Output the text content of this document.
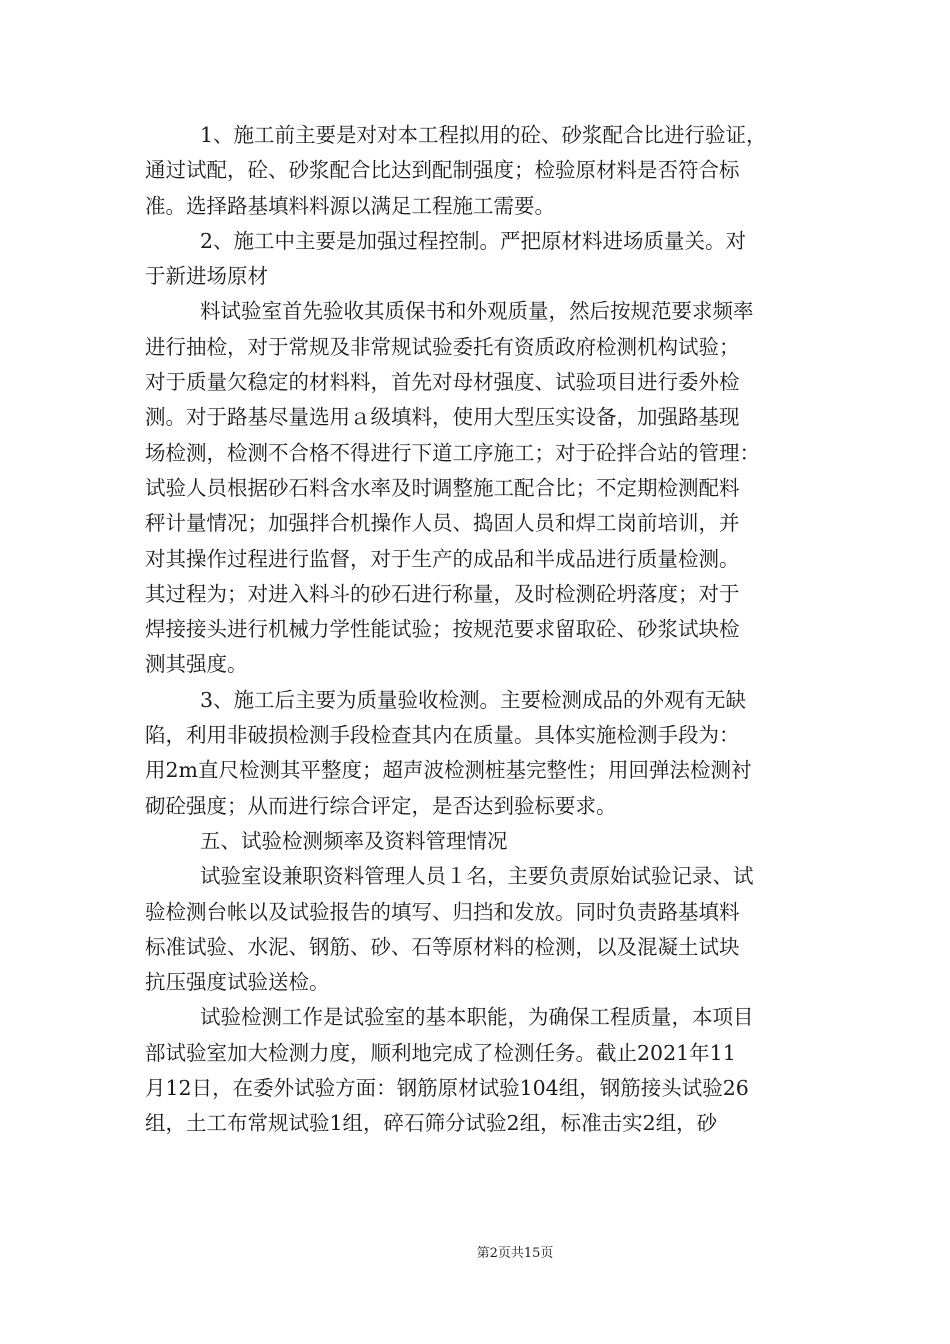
1、施工前主要是对对本工程拟用的砼、砂浆配合比进行验证，
通过试配，砼、砂浆配合比达到配制强度；检验原材料是否符合标
准。选择路基填料料源以满足工程施工需要。
2、施工中主要是加强过程控制。严把原材料进场质量关。对
于新进场原材
料试验室首先验收其质保书和外观质量，然后按规范要求频率
进行抽检，对于常规及非常规试验委托有资质政府检测机构试验；
对于质量欠稳定的材料料，首先对母材强度、试验项目进行委外检
测。对于路基尽量选用ａ级填料，使用大型压实设备，加强路基现
场检测，检测不合格不得进行下道工序施工；对于砼拌合站的管理：
试验人员根据砂石料含水率及时调整施工配合比；不定期检测配料
秤计量情况；加强拌合机操作人员、捣固人员和焊工岗前培训，并
对其操作过程进行监督，对于生产的成品和半成品进行质量检测。
其过程为；对进入料斗的砂石进行称量，及时检测砼坍落度；对于
焊接接头进行机械力学性能试验；按规范要求留取砼、砂浆试块检
测其强度。
3、施工后主要为质量验收检测。主要检测成品的外观有无缺
陷，利用非破损检测手段检查其内在质量。具体实施检测手段为：
用2m直尺检测其平整度；超声波检测桩基完整性；用回弹法检测衬
砌砼强度；从而进行综合评定，是否达到验标要求。
五、试验检测频率及资料管理情况
试验室设兼职资料管理人员１名，主要负责原始试验记录、试
验检测台帐以及试验报告的填写、归挡和发放。同时负责路基填料
标准试验、水泥、钢筋、砂、石等原材料的检测，以及混凝土试块
抗压强度试验送检。
试验检测工作是试验室的基本职能，为确保工程质量，本项目
部试验室加大检测力度，顺利地完成了检测任务。截止2021年11
月12日，在委外试验方面：钢筋原材试验104组，钢筋接头试验26
组，土工布常规试验1组，碎石筛分试验2组，标准击实2组，砂
第2页共15页
